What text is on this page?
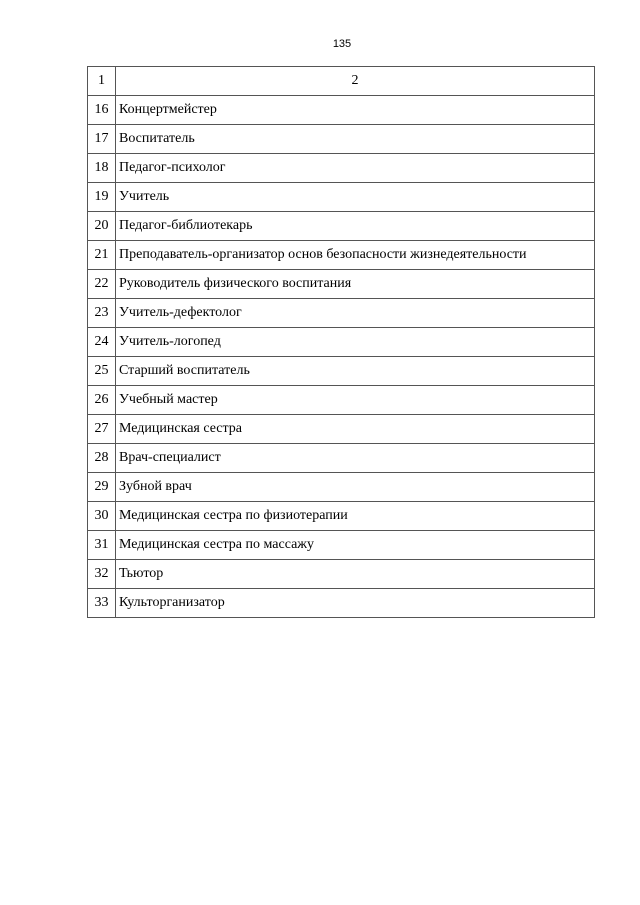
135
1	2
16	Концертмейстер
17	Воспитатель
18	Педагог-психолог
19	Учитель
20	Педагог-библиотекарь
21	Преподаватель-организатор основ безопасности жизнедеятельности
22	Руководитель физического воспитания
23	Учитель-дефектолог
24	Учитель-логопед
25	Старший воспитатель
26	Учебный мастер
27	Медицинская сестра
28	Врач-специалист
29	Зубной врач
30	Медицинская сестра по физиотерапии
31	Медицинская сестра по массажу
32	Тьютор
33	Культорганизатор
